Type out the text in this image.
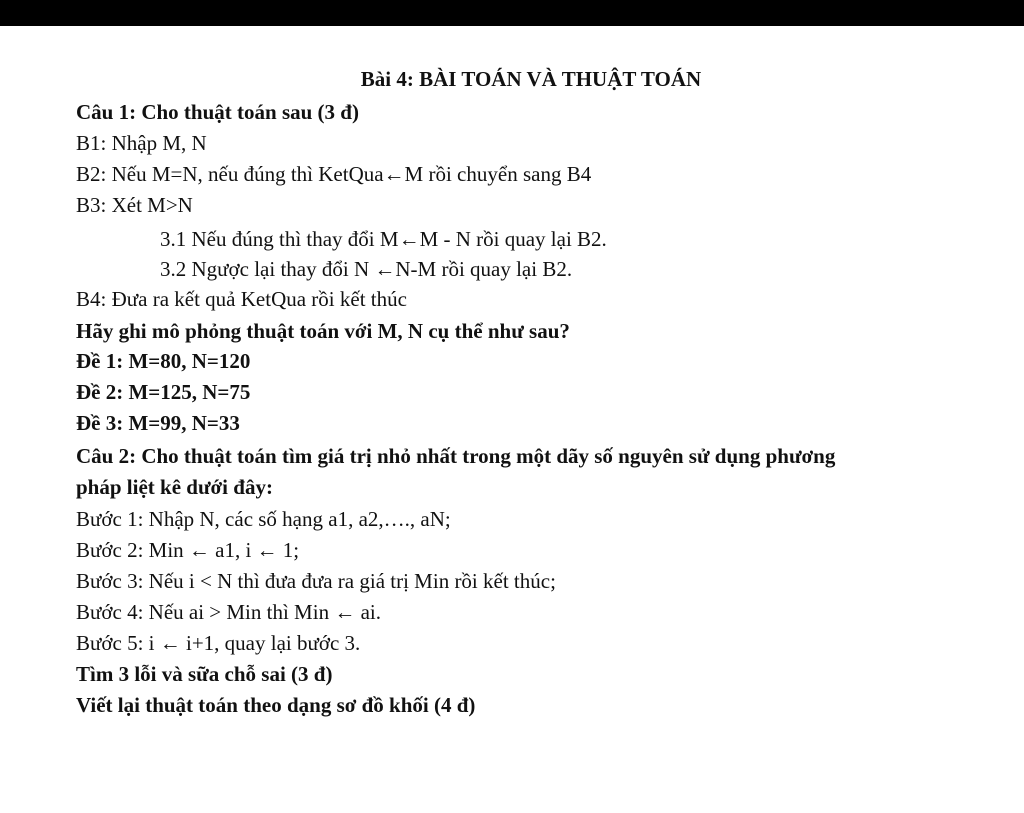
Bài 4: BÀI TOÁN VÀ THUẬT TOÁN
Câu 1: Cho thuật toán sau (3 đ)
B1: Nhập M, N
B2: Nếu M=N, nếu đúng thì KetQua←M rồi chuyển sang B4
B3: Xét M>N
3.1 Nếu đúng thì thay đổi M←M - N rồi quay lại B2.
3.2 Ngược lại thay đổi N ←N-M rồi quay lại B2.
B4: Đưa ra kết quả KetQua rồi kết thúc
Hãy ghi mô phỏng thuật toán với M, N cụ thể như sau?
Đề 1: M=80, N=120
Đề 2: M=125, N=75
Đề 3: M=99, N=33
Câu 2: Cho thuật toán tìm giá trị nhỏ nhất trong một dãy số nguyên sử dụng phương
pháp liệt kê dưới đây:
Bước 1: Nhập N, các số hạng a1, a2,…., aN;
Bước 2: Min ← a1, i ← 1;
Bước 3: Nếu i < N thì đưa đưa ra giá trị Min rồi kết thúc;
Bước 4: Nếu ai > Min thì Min ← ai.
Bước 5: i ← i+1, quay lại bước 3.
Tìm 3 lỗi và sữa chỗ sai (3 đ)
Viết lại thuật toán theo dạng sơ đồ khối (4 đ)
